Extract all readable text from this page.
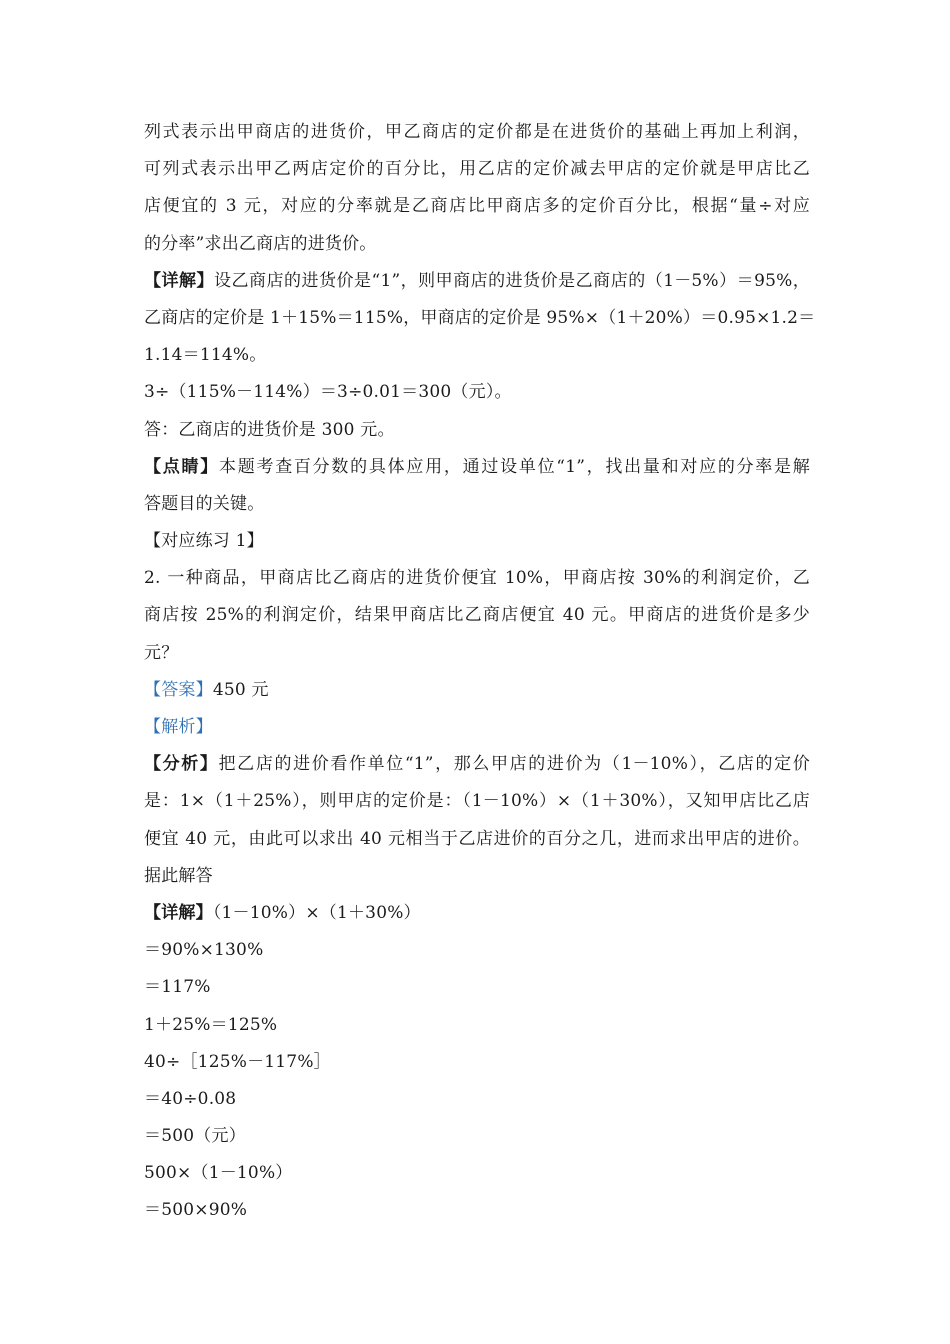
列式表示出甲商店的进货价，甲乙商店的定价都是在进货价的基础上再加上利润，
可列式表示出甲乙两店定价的百分比，用乙店的定价减去甲店的定价就是甲店比乙
店便宜的 3 元，对应的分率就是乙商店比甲商店多的定价百分比，根据“量÷对应
的分率”求出乙商店的进货价。
【详解】设乙商店的进货价是“1”，则甲商店的进货价是乙商店的（1－5%）＝95%，
乙商店的定价是 1＋15%＝115%，甲商店的定价是 95%×（1＋20%）＝0.95×1.2＝
1.14＝114%。
3÷（115%－114%）＝3÷0.01＝300（元）。
答：乙商店的进货价是 300 元。
【点睛】本题考查百分数的具体应用，通过设单位“1”，找出量和对应的分率是解
答题目的关键。
【对应练习 1】
2. 一种商品，甲商店比乙商店的进货价便宜 10%，甲商店按 30%的利润定价，乙
商店按 25%的利润定价，结果甲商店比乙商店便宜 40 元。甲商店的进货价是多少
元？
【答案】450 元
【解析】
【分析】把乙店的进价看作单位“1”，那么甲店的进价为（1－10%），乙店的定价
是：1×（1＋25%），则甲店的定价是：（1－10%）×（1＋30%），又知甲店比乙店
便宜 40 元，由此可以求出 40 元相当于乙店进价的百分之几，进而求出甲店的进价。
据此解答
【详解】（1－10%）×（1＋30%）
＝90%×130%
＝117%
1＋25%＝125%
40÷［125%－117%］
＝40÷0.08
＝500（元）
500×（1－10%）
＝500×90%
